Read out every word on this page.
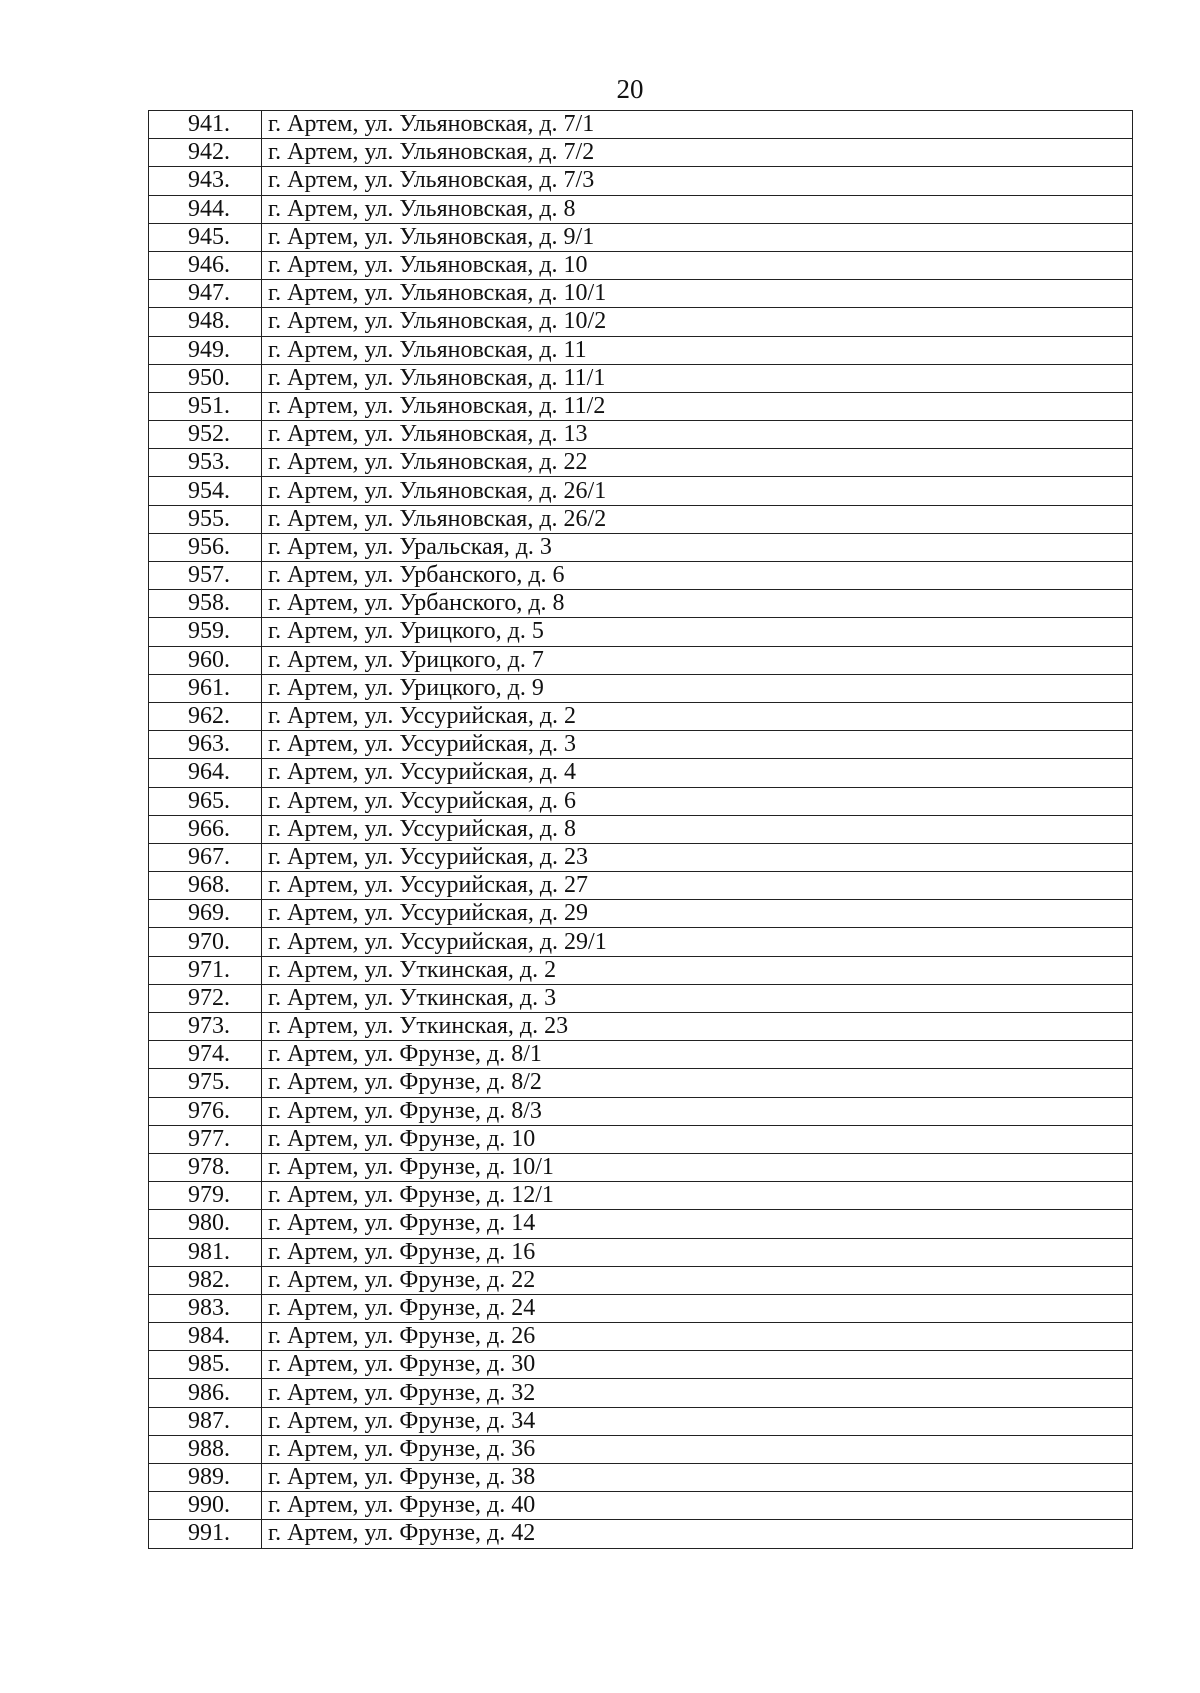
20
941.	г. Артем, ул. Ульяновская, д. 7/1
942.	г. Артем, ул. Ульяновская, д. 7/2
943.	г. Артем, ул. Ульяновская, д. 7/3
944.	г. Артем, ул. Ульяновская, д. 8
945.	г. Артем, ул. Ульяновская, д. 9/1
946.	г. Артем, ул. Ульяновская, д. 10
947.	г. Артем, ул. Ульяновская, д. 10/1
948.	г. Артем, ул. Ульяновская, д. 10/2
949.	г. Артем, ул. Ульяновская, д. 11
950.	г. Артем, ул. Ульяновская, д. 11/1
951.	г. Артем, ул. Ульяновская, д. 11/2
952.	г. Артем, ул. Ульяновская, д. 13
953.	г. Артем, ул. Ульяновская, д. 22
954.	г. Артем, ул. Ульяновская, д. 26/1
955.	г. Артем, ул. Ульяновская, д. 26/2
956.	г. Артем, ул. Уральская, д. 3
957.	г. Артем, ул. Урбанского, д. 6
958.	г. Артем, ул. Урбанского, д. 8
959.	г. Артем, ул. Урицкого, д. 5
960.	г. Артем, ул. Урицкого, д. 7
961.	г. Артем, ул. Урицкого, д. 9
962.	г. Артем, ул. Уссурийская, д. 2
963.	г. Артем, ул. Уссурийская, д. 3
964.	г. Артем, ул. Уссурийская, д. 4
965.	г. Артем, ул. Уссурийская, д. 6
966.	г. Артем, ул. Уссурийская, д. 8
967.	г. Артем, ул. Уссурийская, д. 23
968.	г. Артем, ул. Уссурийская, д. 27
969.	г. Артем, ул. Уссурийская, д. 29
970.	г. Артем, ул. Уссурийская, д. 29/1
971.	г. Артем, ул. Уткинская, д. 2
972.	г. Артем, ул. Уткинская, д. 3
973.	г. Артем, ул. Уткинская, д. 23
974.	г. Артем, ул. Фрунзе, д. 8/1
975.	г. Артем, ул. Фрунзе, д. 8/2
976.	г. Артем, ул. Фрунзе, д. 8/3
977.	г. Артем, ул. Фрунзе, д. 10
978.	г. Артем, ул. Фрунзе, д. 10/1
979.	г. Артем, ул. Фрунзе, д. 12/1
980.	г. Артем, ул. Фрунзе, д. 14
981.	г. Артем, ул. Фрунзе, д. 16
982.	г. Артем, ул. Фрунзе, д. 22
983.	г. Артем, ул. Фрунзе, д. 24
984.	г. Артем, ул. Фрунзе, д. 26
985.	г. Артем, ул. Фрунзе, д. 30
986.	г. Артем, ул. Фрунзе, д. 32
987.	г. Артем, ул. Фрунзе, д. 34
988.	г. Артем, ул. Фрунзе, д. 36
989.	г. Артем, ул. Фрунзе, д. 38
990.	г. Артем, ул. Фрунзе, д. 40
991.	г. Артем, ул. Фрунзе, д. 42
